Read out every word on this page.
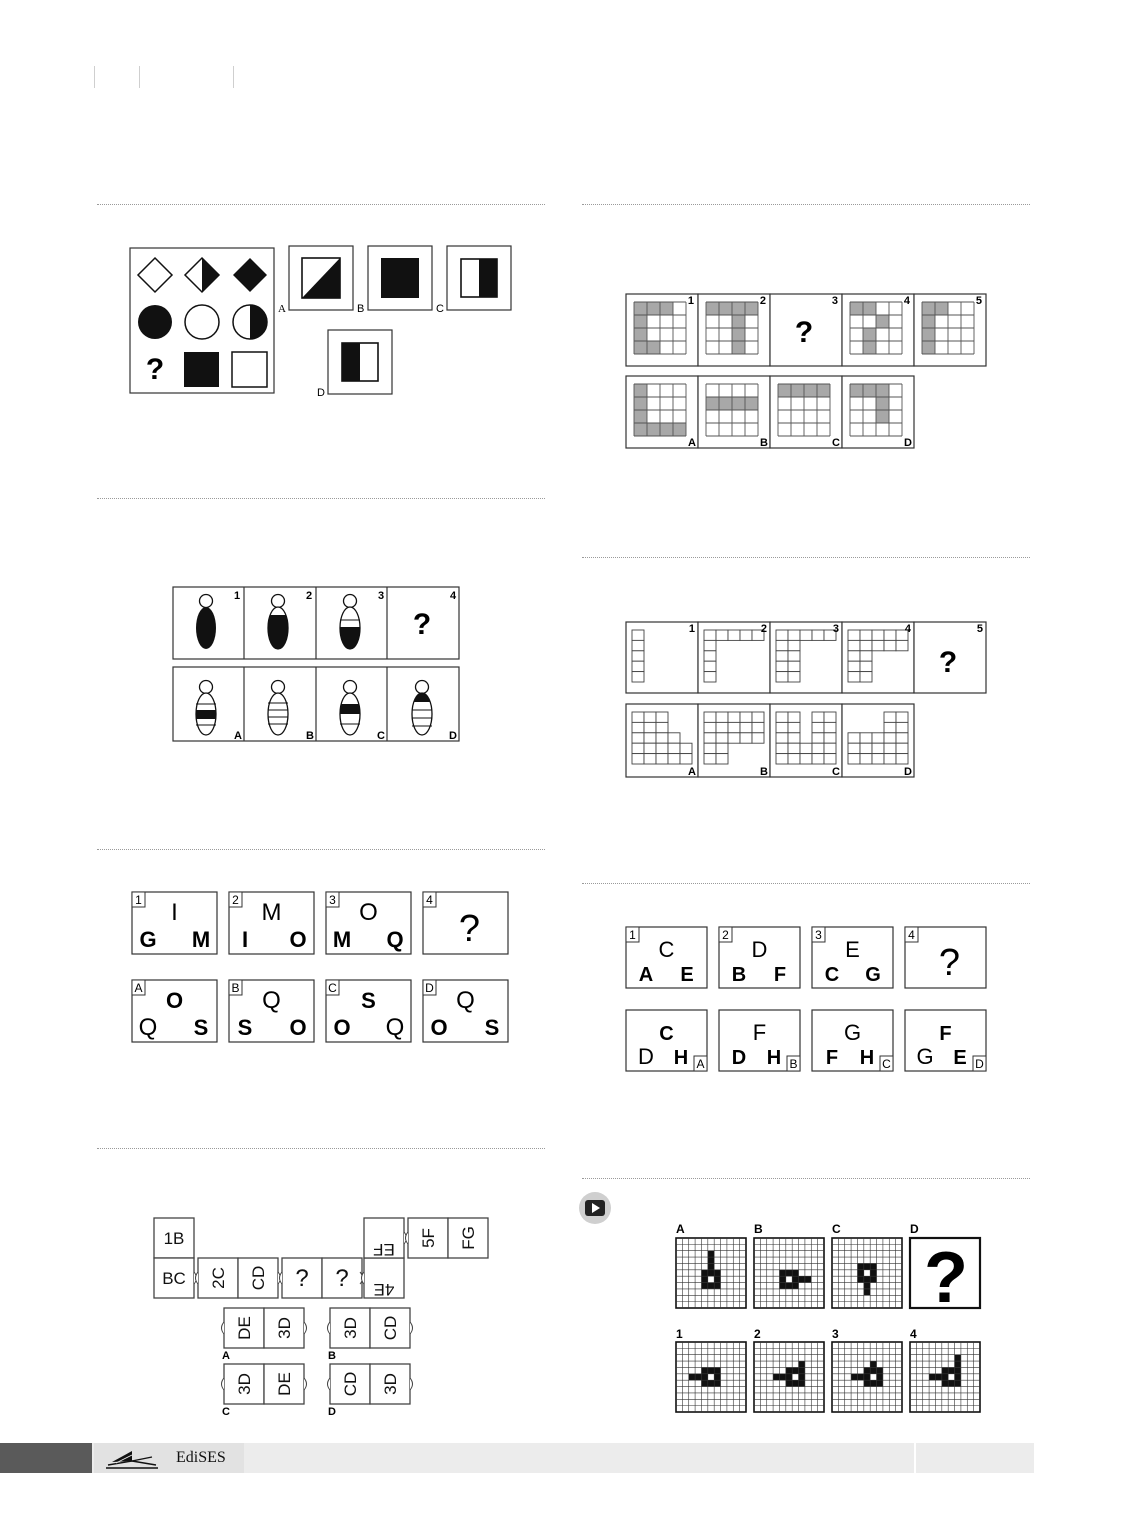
?
A	B	C
D
1	2	3	4	5
A	B	C	D
?
?
1	2	3	4
A	B	C	D
1	2	3	4	5
A	B	C	D
?
1 I
G M
2 M
I O
3 O
M Q
4
?
A O
Q S
B Q
S O
C S
O Q
D Q
O S
1
C
A E
2
D
B F
3
E
C G
4
?
A
C
D H	B
F
D H	C
G
F H	D
F
G E
1B
BC 2C CD ? ? 4E
EF
5F FG
DE 3D	3D CD
3D DE	CD 3D
A	B
C	D
A	B	C	D
1	2	3	4
?
EdiSES
